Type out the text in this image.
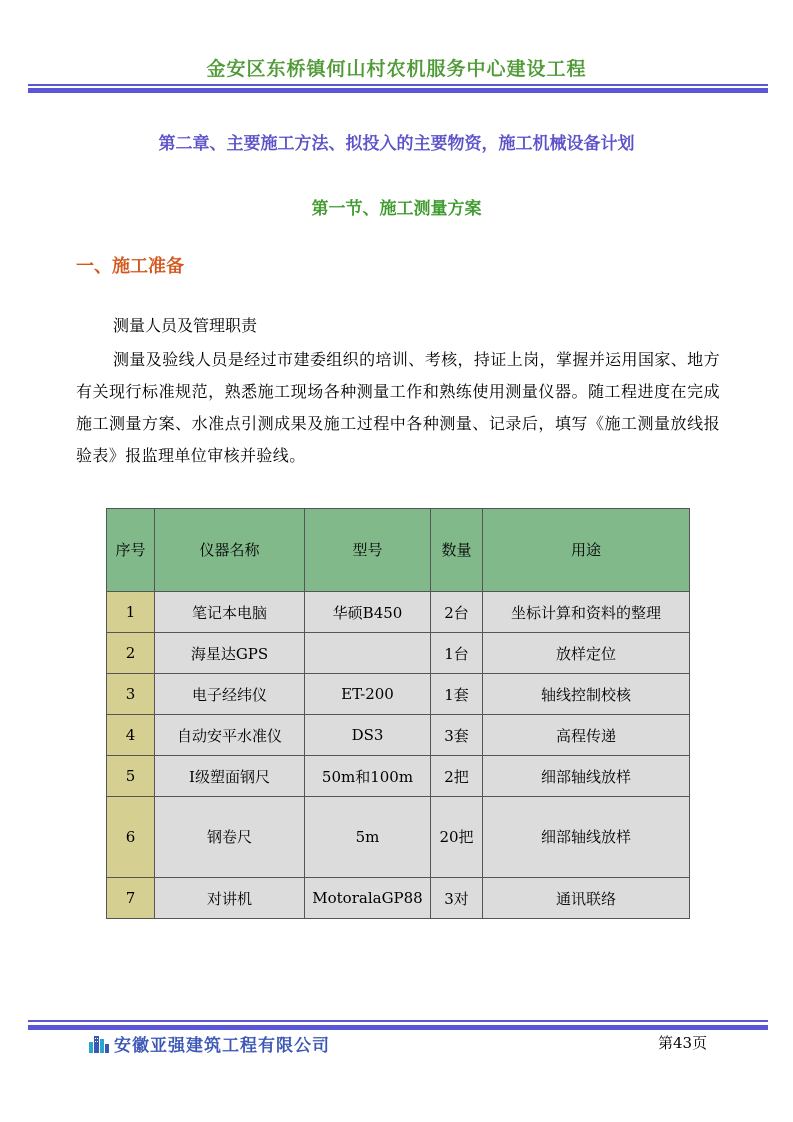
金安区东桥镇何山村农机服务中心建设工程
第二章、主要施工方法、拟投入的主要物资，施工机械设备计划
第一节、施工测量方案
一、施工准备
测量人员及管理职责
测量及验线人员是经过市建委组织的培训、考核，持证上岗，掌握并运用国家、地方有关现行标准规范，熟悉施工现场各种测量工作和熟练使用测量仪器。随工程进度在完成施工测量方案、水准点引测成果及施工过程中各种测量、记录后，填写《施工测量放线报验表》报监理单位审核并验线。
序号	仪器名称	型号	数量	用途
1	笔记本电脑	华硕B450	2台	坐标计算和资料的整理
2	海星达GPS		1台	放样定位
3	电子经纬仪	ET-200	1套	轴线控制校核
4	自动安平水准仪	DS3	3套	高程传递
5	Ⅰ级塑面钢尺	50m和100m	2把	细部轴线放样
6	钢卷尺	5m	20把	细部轴线放样
7	对讲机	MotoralaGP88	3对	通讯联络
安徽亚强建筑工程有限公司	第43页
